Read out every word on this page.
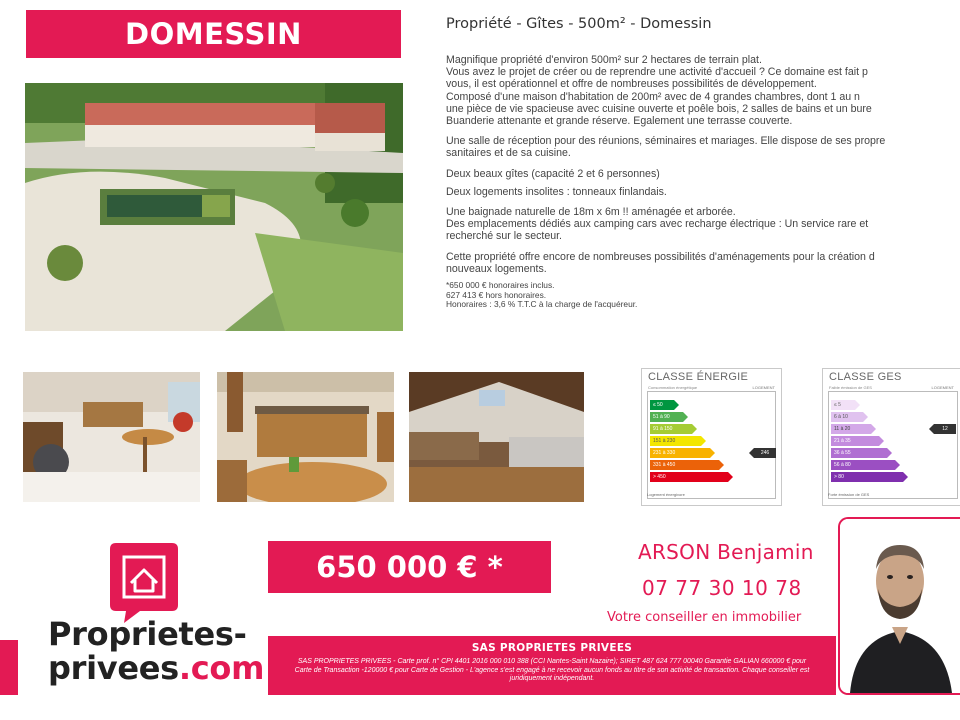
DOMESSIN	Propriété - Gîtes - 500m² - Domessin

Magnifique propriété d'environ 500m² sur 2 hectares de terrain plat.
Vous avez le projet de créer ou de reprendre une activité d'accueil ? Ce domaine est fait p
vous, il est opérationnel et offre de nombreuses possibilités de développement.
Composé d'une maison d'habitation de 200m² avec de 4 grandes chambres, dont 1 au n
une pièce de vie spacieuse avec cuisine ouverte et poêle bois, 2 salles de bains et un bure
Buanderie attenante et grande réserve. Egalement une terrasse couverte.

Une salle de réception pour des réunions, séminaires et mariages. Elle dispose de ses propre
sanitaires et de sa cuisine.

Deux beaux gîtes (capacité 2 et 6 personnes)

Deux logements insolites : tonneaux finlandais.

Une baignade naturelle de 18m x 6m !! aménagée et arborée.
Des emplacements dédiés aux camping cars avec recharge électrique : Un service rare et
recherché sur le secteur.

Cette propriété offre encore de nombreuses possibilités d'aménagements pour la création d
nouveaux logements.

*650 000 € honoraires inclus.
627 413 € hors honoraires.
Honoraires : 3,6 % T.T.C à la charge de l'acquéreur.

CLASSE ÉNERGIE
Consommation énergétique	LOGEMENT
≤ 50
51 à 90
91 à 150
151 à 230
231 à 330
331 à 450
> 450
246
Logement énergivore
CLASSE GES
Faible émission de GES	LOGEMENT
≤ 5
6 à 10
11 à 20
21 à 35
36 à 55
56 à 80
> 80
12
Forte émission de GES
Proprietes-
privees.com
650 000 € *	ARSON Benjamin
07 77 30 10 78
Votre conseiller en immobilier
SAS PROPRIETES PRIVEES
SAS PROPRIETES PRIVEES - Carte prof. n° CPI 4401 2016 000 010 388 (CCI Nantes-Saint Nazaire); SIRET 487 624 777 00040 Garantie GALIAN 660000 € pour Carte de Transaction -120000 € pour Carte de Gestion - L'agence s'est engagé à ne recevoir aucun fonds au titre de son activité de transaction. Chaque conseiller est juridiquement indépendant.
